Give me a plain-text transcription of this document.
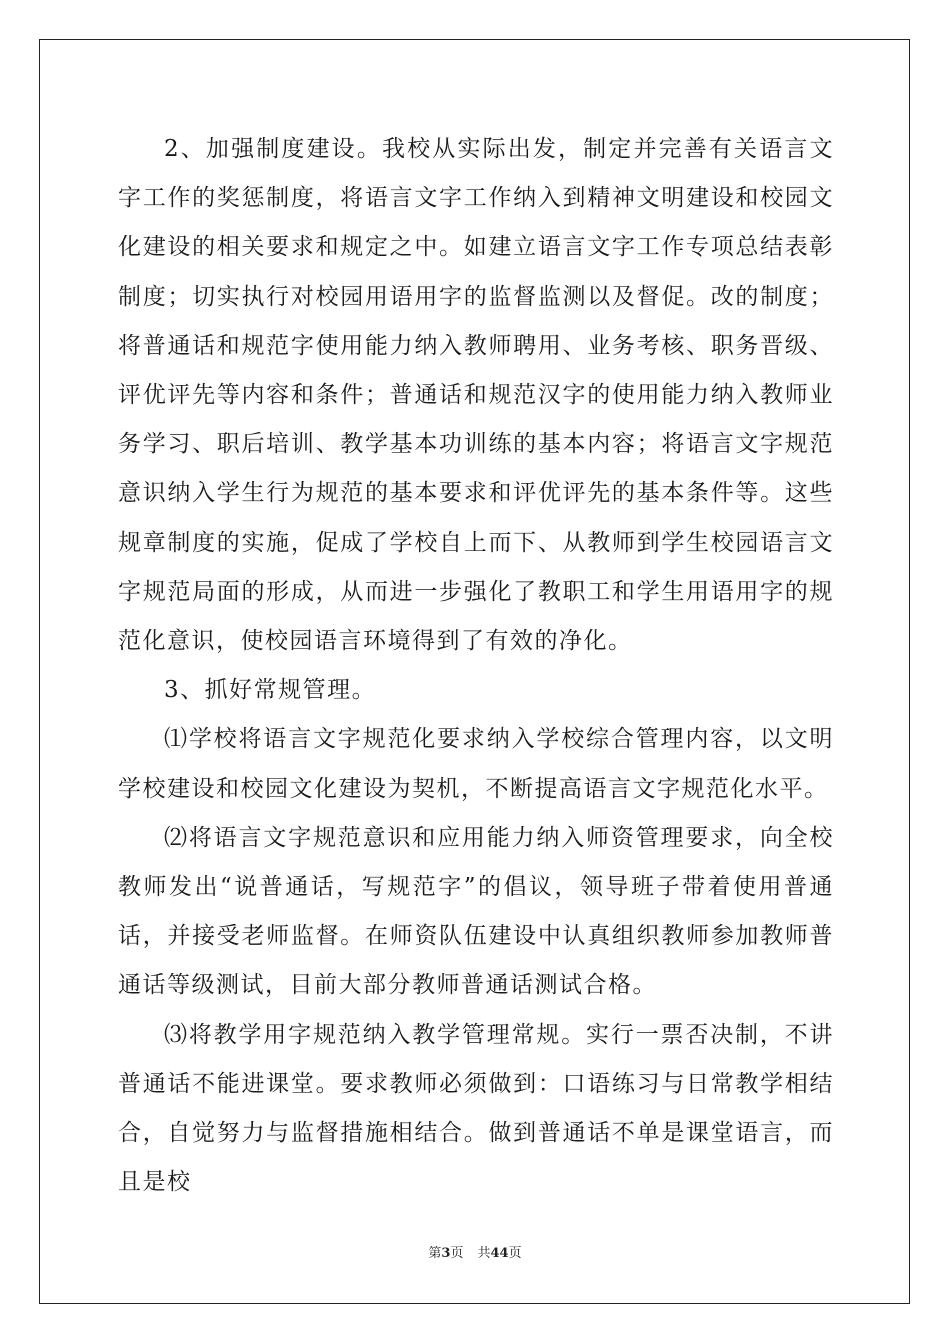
2、加强制度建设。我校从实际出发，制定并完善有关语言文字工作的奖惩制度，将语言文字工作纳入到精神文明建设和校园文化建设的相关要求和规定之中。如建立语言文字工作专项总结表彰制度；切实执行对校园用语用字的监督监测以及督促。改的制度；将普通话和规范字使用能力纳入教师聘用、业务考核、职务晋级、评优评先等内容和条件；普通话和规范汉字的使用能力纳入教师业务学习、职后培训、教学基本功训练的基本内容；将语言文字规范意识纳入学生行为规范的基本要求和评优评先的基本条件等。这些规章制度的实施，促成了学校自上而下、从教师到学生校园语言文字规范局面的形成，从而进一步强化了教职工和学生用语用字的规范化意识，使校园语言环境得到了有效的净化。

3、抓好常规管理。

⑴学校将语言文字规范化要求纳入学校综合管理内容，以文明学校建设和校园文化建设为契机，不断提高语言文字规范化水平。

⑵将语言文字规范意识和应用能力纳入师资管理要求，向全校教师发出“说普通话，写规范字”的倡议，领导班子带着使用普通话，并接受老师监督。在师资队伍建设中认真组织教师参加教师普通话等级测试，目前大部分教师普通话测试合格。

⑶将教学用字规范纳入教学管理常规。实行一票否决制，不讲普通话不能进课堂。要求教师必须做到：口语练习与日常教学相结合，自觉努力与监督措施相结合。做到普通话不单是课堂语言，而且是校

第3页 共44页
